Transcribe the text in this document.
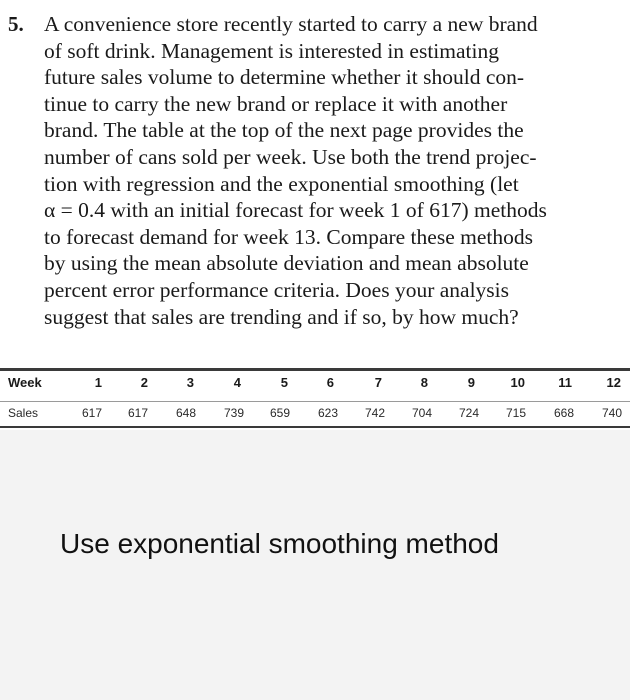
5. A convenience store recently started to carry a new brand
of soft drink. Management is interested in estimating
future sales volume to determine whether it should con-
tinue to carry the new brand or replace it with another
brand. The table at the top of the next page provides the
number of cans sold per week. Use both the trend projec-
tion with regression and the exponential smoothing (let
α = 0.4 with an initial forecast for week 1 of 617) methods
to forecast demand for week 13. Compare these methods
by using the mean absolute deviation and mean absolute
percent error performance criteria. Does your analysis
suggest that sales are trending and if so, by how much?
Week	1	2	3	4	5	6	7	8	9	10	11	12
Sales	617	617	648	739	659	623	742	704	724	715	668	740
Use exponential smoothing method
